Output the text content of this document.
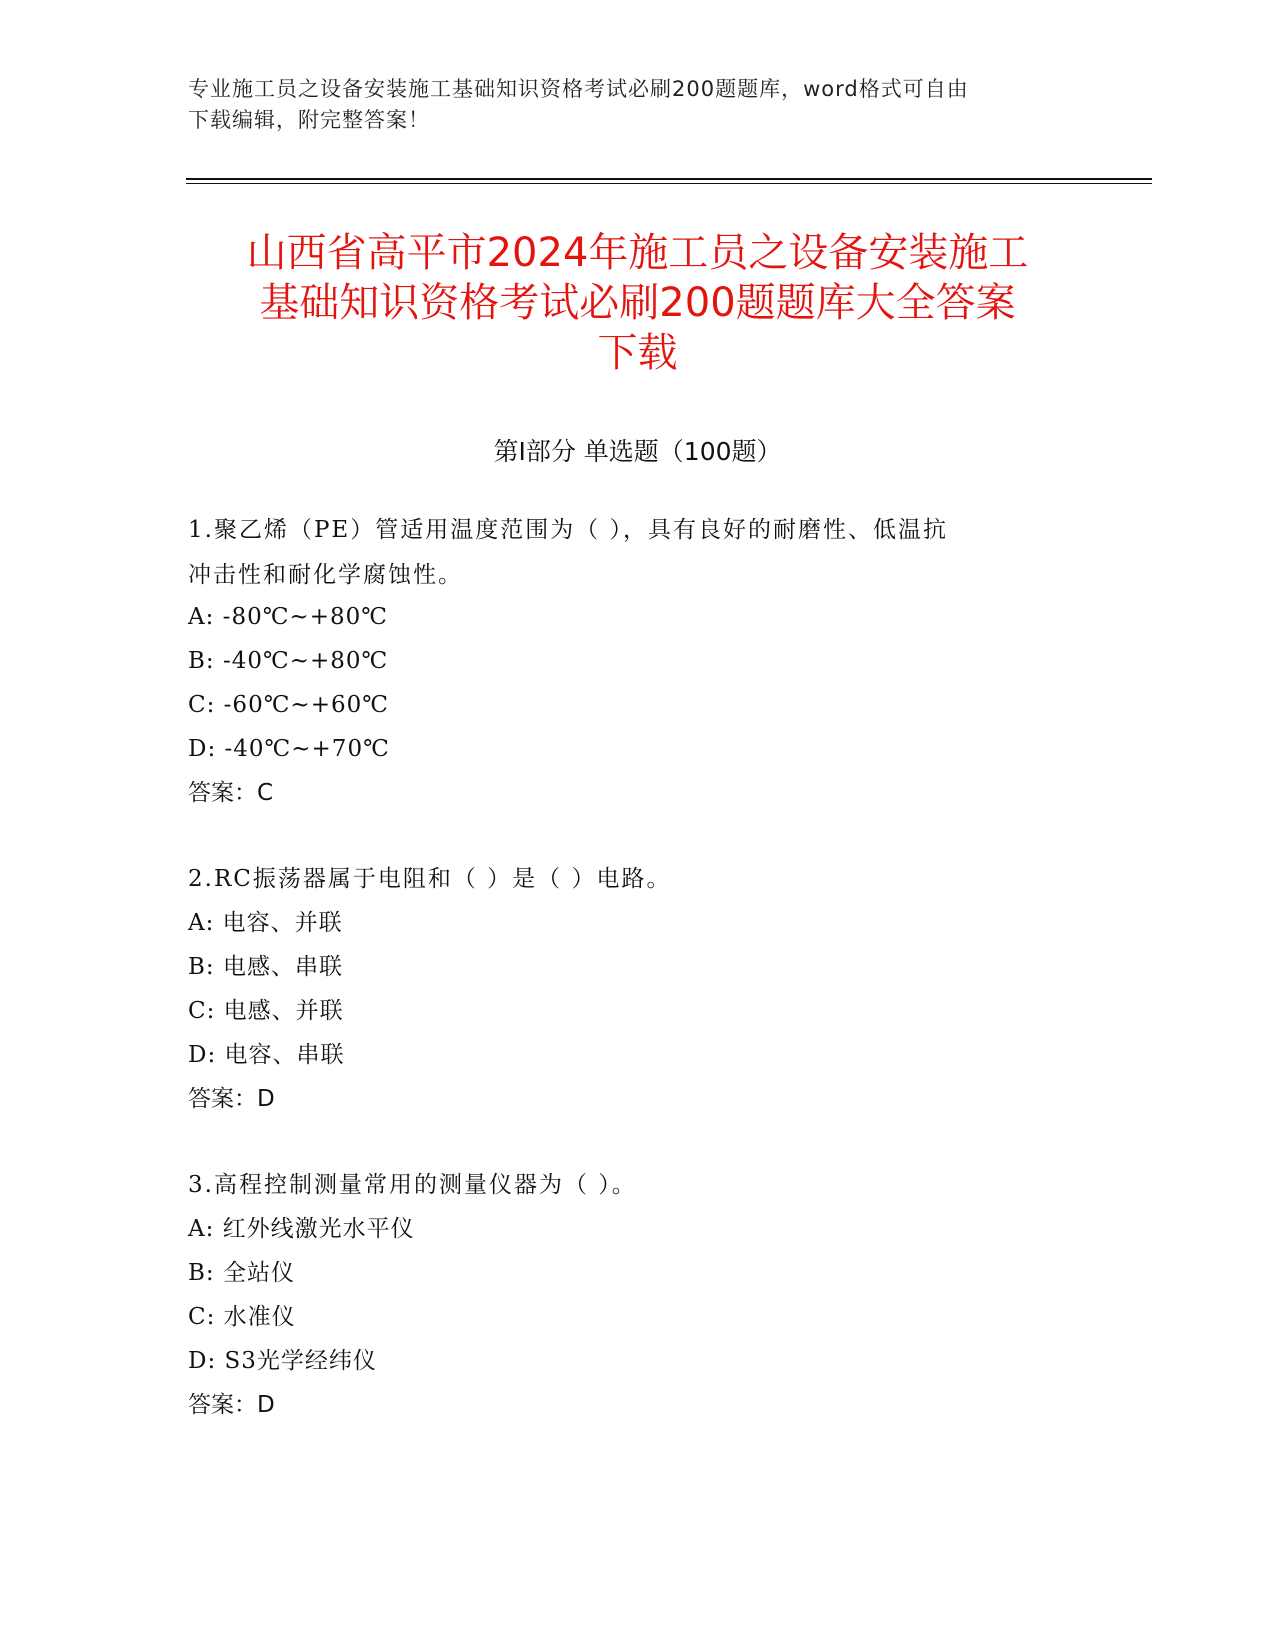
专业施工员之设备安装施工基础知识资格考试必刷200题题库，word格式可自由
下载编辑，附完整答案！
山西省高平市2024年施工员之设备安装施工
基础知识资格考试必刷200题题库大全答案
下载
第Ⅰ部分 单选题（100题）
1.聚乙烯（PE）管适用温度范围为（ ），具有良好的耐磨性、低温抗
冲击性和耐化学腐蚀性。
A: -80℃~+80℃
B: -40℃~+80℃
C: -60℃~+60℃
D: -40℃~+70℃
答案：C
2.RC振荡器属于电阻和（ ）是（ ）电路。
A: 电容、并联
B: 电感、串联
C: 电感、并联
D: 电容、串联
答案：D
3.高程控制测量常用的测量仪器为（ ）。
A: 红外线激光水平仪
B: 全站仪
C: 水准仪
D: S3光学经纬仪
答案：D
